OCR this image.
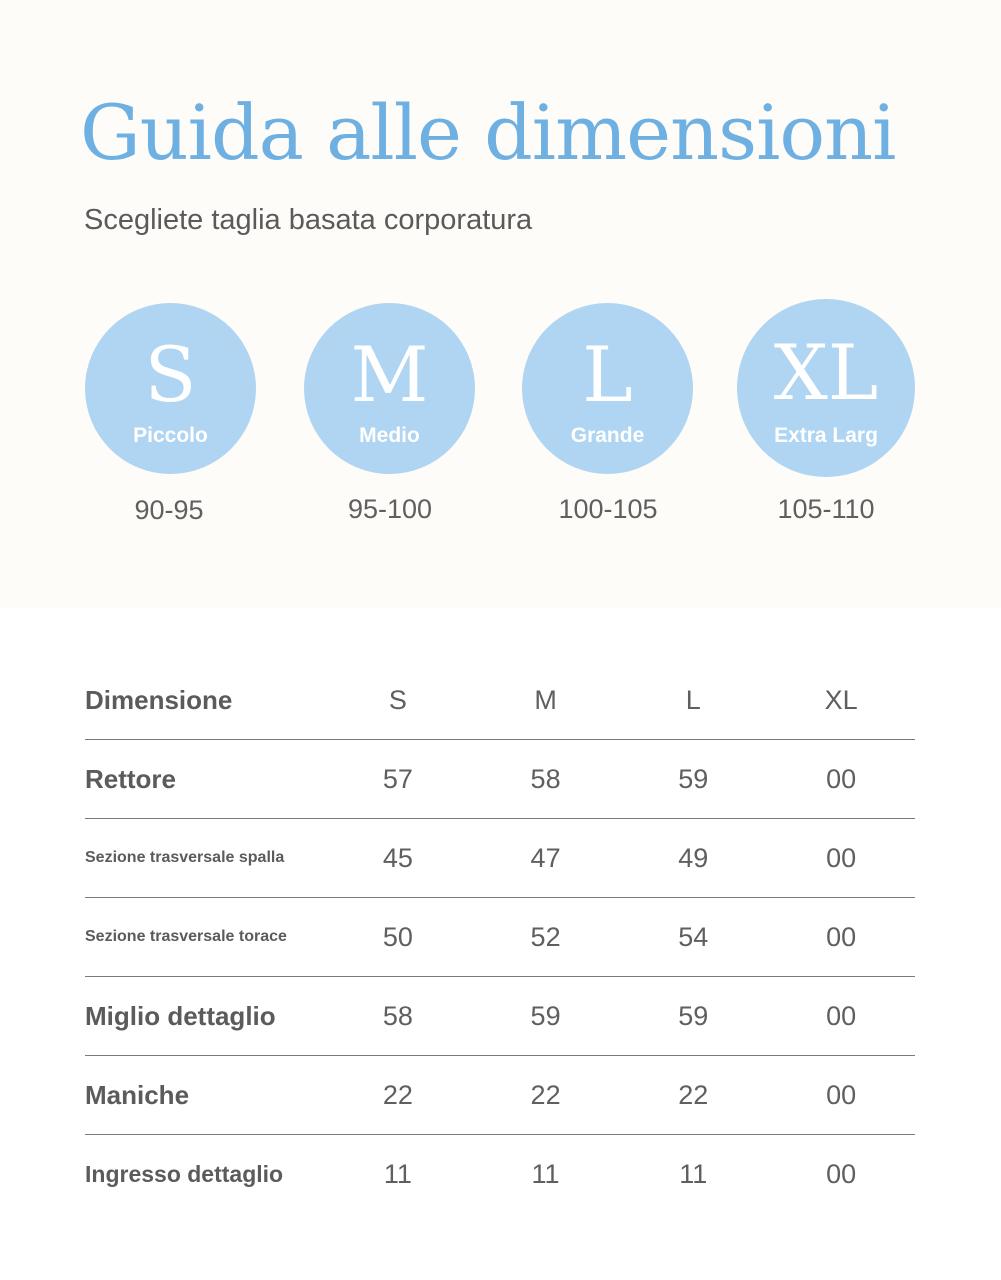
Guida alle dimensioni

Scegliete taglia basata corporatura

S
Piccolo
M
Medio
L
Grande
XL
Extra Larg
90-95	95-100	100-105	105-110
Dimensione	S	M	L	XL
Rettore	57	58	59	00
Sezione trasversale spalla	45	47	49	00
Sezione trasversale torace	50	52	54	00
Miglio dettaglio	58	59	59	00
Maniche	22	22	22	00
Ingresso dettaglio	11	11	11	00
